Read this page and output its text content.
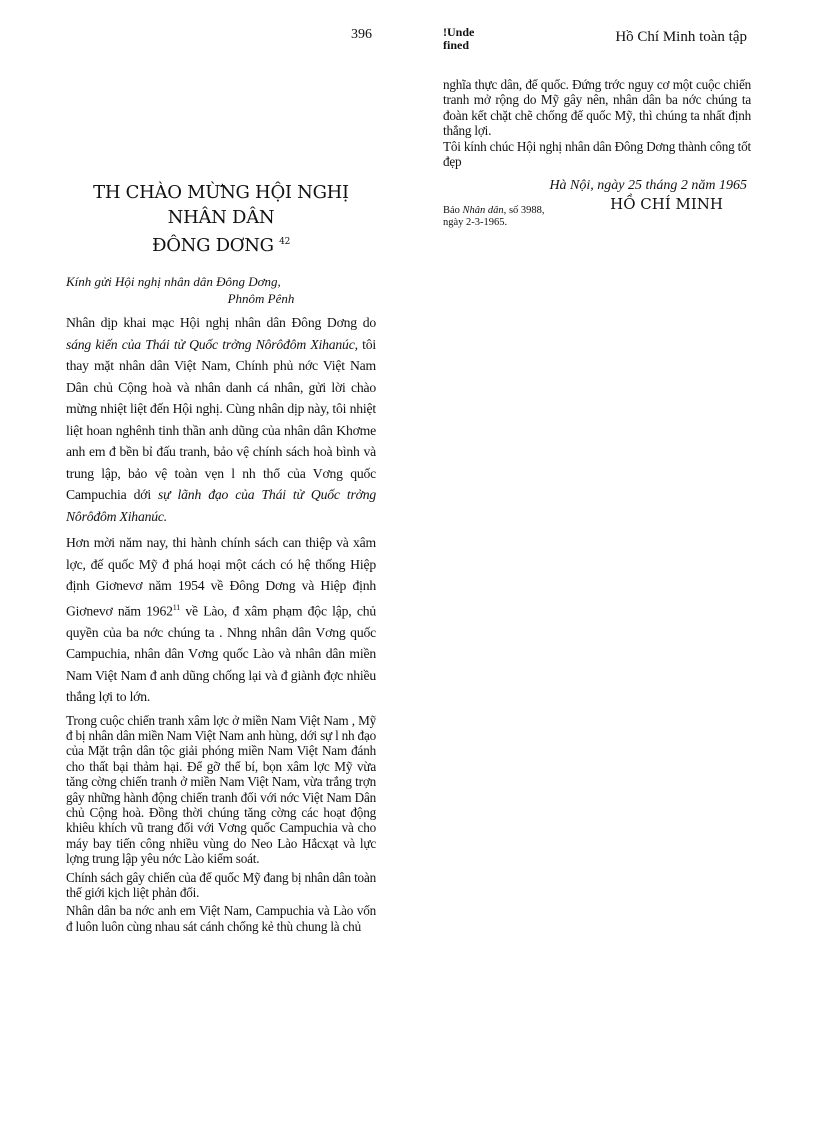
396
TH CHÀO MỪNG HỘI NGHỊ NHÂN DÂN
ĐÔNG DƠNG $^{42}$

Kính gửi Hội nghị nhân dân Đông Dơng,

Phnôm Pênh

Nhân dịp khai mạc Hội nghị nhân dân Đông Dơng do sáng kiến của Thái tử Quốc trởng Nôrôđôm Xihanúc, tôi thay mặt nhân dân Việt Nam, Chính phủ nớc Việt Nam Dân chủ Cộng hoà và nhân danh cá nhân, gửi lời chào mừng nhiệt liệt đến Hội nghị. Cùng nhân dịp này, tôi nhiệt liệt hoan nghênh tinh thần anh dũng của nhân dân Khơme anh em đ bền bỉ đấu tranh, bảo vệ chính sách hoà bình và trung lập, bảo vệ toàn vẹn l nh thổ của Vơng quốc Campuchia dới sự lãnh đạo của Thái tử Quốc trởng Nôrôđôm Xihanúc.

Hơn mời năm nay, thi hành chính sách can thiệp và xâm lợc, đế quốc Mỹ đ phá hoại một cách có hệ thống Hiệp định Giơnevơ năm 1954 về Đông Dơng và Hiệp định Giơnevơ năm 1962$^{11}$ về Lào, đ xâm phạm độc lập, chủ quyền của ba nớc chúng ta . Nhng nhân dân Vơng quốc Campuchia, nhân dân Vơng quốc Lào và nhân dân miền Nam Việt Nam đ anh dũng chống lại và đ giành đợc nhiều thắng lợi to lớn.

Trong cuộc chiến tranh xâm lợc ở miền Nam Việt Nam , Mỹ đ bị nhân dân miền Nam Việt Nam anh hùng, dới sự l nh đạo của Mặt trận dân tộc giải phóng miền Nam Việt Nam đánh cho thất bại thảm hại. Để gỡ thế bí, bọn xâm lợc Mỹ vừa tăng cờng chiến tranh ở miền Nam Việt Nam, vừa trắng trợn gây những hành động chiến tranh đối với nớc Việt Nam Dân chủ Cộng hoà. Đồng thời chúng tăng cờng các hoạt động khiêu khích vũ trang đối với Vơng quốc Campuchia và cho máy bay tiến công nhiều vùng do Neo Lào Hắcxạt và lực lợng trung lập yêu nớc Lào kiểm soát.

Chính sách gây chiến của đế quốc Mỹ đang bị nhân dân toàn thế giới kịch liệt phản đối.

Nhân dân ba nớc anh em Việt Nam, Campuchia và Lào vốn đ luôn luôn cùng nhau sát cánh chống kẻ thù chung là chủ

!Unde
fined	Hồ Chí Minh toàn tập

nghĩa thực dân, đế quốc. Đứng trớc nguy cơ một cuộc chiến tranh mở rộng do Mỹ gây nên, nhân dân ba nớc chúng ta đoàn kết chặt chẽ chống đế quốc Mỹ, thì chúng ta nhất định thắng lợi.

Tôi kính chúc Hội nghị nhân dân Đông Dơng thành công tốt đẹp

Hà Nội, ngày 25 tháng 2 năm 1965

HỒ CHÍ MINH

Báo Nhân dân, số 3988,
ngày 2-3-1965.
